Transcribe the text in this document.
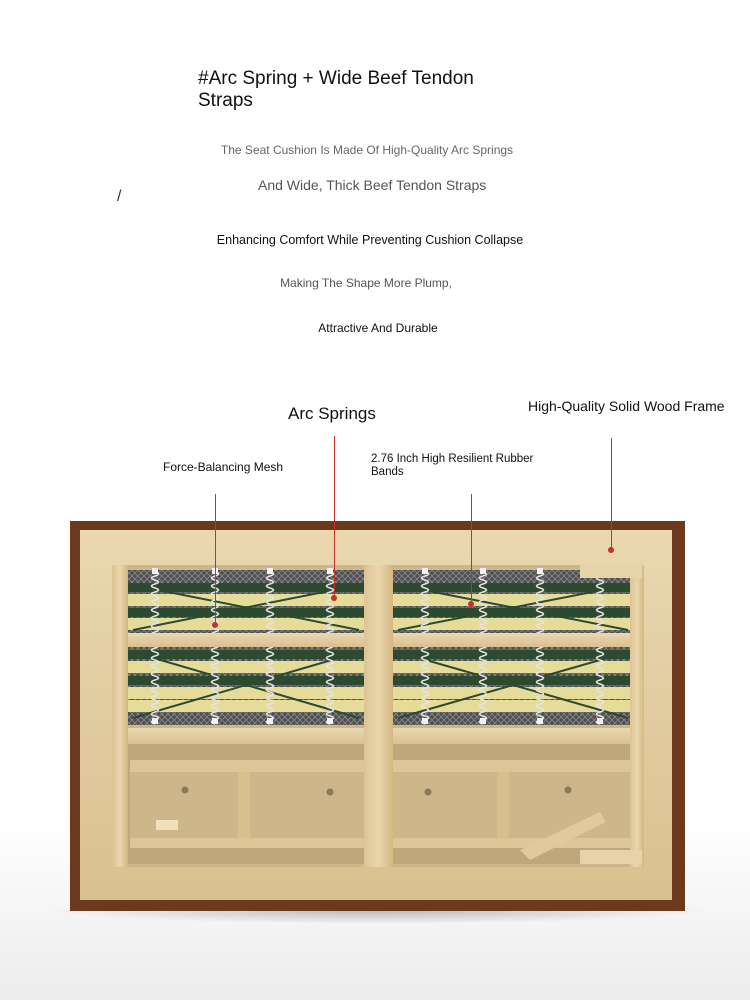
#Arc Spring + Wide Beef Tendon Straps

/

The Seat Cushion Is Made Of High-Quality Arc Springs

And Wide, Thick Beef Tendon Straps

Enhancing Comfort While Preventing Cushion Collapse

Making The Shape More Plump,

Attractive And Durable

Arc Springs	High-Quality Solid Wood Frame

Force-Balancing Mesh

2.76 Inch High Resilient Rubber Bands
